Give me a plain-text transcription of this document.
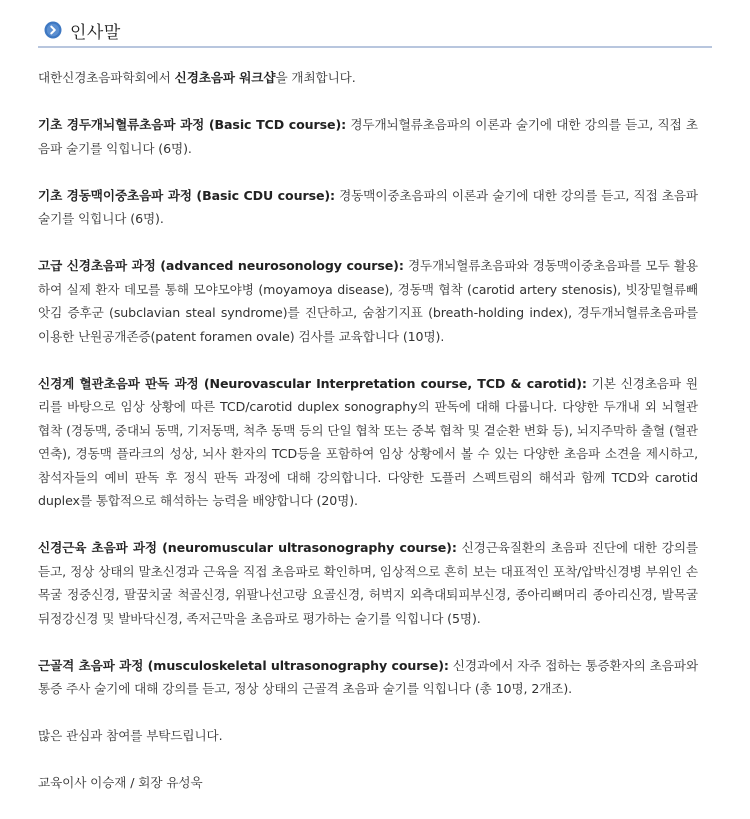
인사말

대한신경초음파학회에서 신경초음파 워크샵을 개최합니다.

기초 경두개뇌혈류초음파 과정 (Basic TCD course): 경두개뇌혈류초음파의 이론과 술기에 대한 강의를 듣고, 직접 초음파 술기를 익힙니다 (6명).

기초 경동맥이중초음파 과정 (Basic CDU course): 경동맥이중초음파의 이론과 술기에 대한 강의를 듣고, 직접 초음파 술기를 익힙니다 (6명).

고급 신경초음파 과정 (advanced neurosonology course): 경두개뇌혈류초음파와 경동맥이중초음파를 모두 활용하여 실제 환자 데모를 통해 모야모야병 (moyamoya disease), 경동맥 협착 (carotid artery stenosis), 빗장밑혈류빼앗김 증후군 (subclavian steal syndrome)를 진단하고, 숨참기지표 (breath-holding index), 경두개뇌혈류초음파를 이용한 난원공개존증(patent foramen ovale) 검사를 교육합니다 (10명).

신경계 혈관초음파 판독 과정 (Neurovascular Interpretation course, TCD & carotid): 기본 신경초음파 원리를 바탕으로 임상 상황에 따른 TCD/carotid duplex sonography의 판독에 대해 다룹니다. 다양한 두개내 외 뇌혈관 협착 (경동맥, 중대뇌 동맥, 기저동맥, 척추 동맥 등의 단일 협착 또는 중복 협착 및 곁순환 변화 등), 뇌지주막하 출혈 (혈관 연축), 경동맥 플라크의 성상, 뇌사 환자의 TCD등을 포함하여 임상 상황에서 볼 수 있는 다양한 초음파 소견을 제시하고, 참석자들의 예비 판독 후 정식 판독 과정에 대해 강의합니다. 다양한 도플러 스펙트럼의 해석과 함께 TCD와 carotid duplex를 통합적으로 해석하는 능력을 배양합니다 (20명).

신경근육 초음파 과정 (neuromuscular ultrasonography course): 신경근육질환의 초음파 진단에 대한 강의를 듣고, 정상 상태의 말초신경과 근육을 직접 초음파로 확인하며, 임상적으로 흔히 보는 대표적인 포착/압박신경병 부위인 손목굴 정중신경, 팔꿈치굴 척골신경, 위팔나선고랑 요골신경, 허벅지 외측대퇴피부신경, 종아리뼈머리 종아리신경, 발목굴 뒤정강신경 및 발바닥신경, 족저근막을 초음파로 평가하는 술기를 익힙니다 (5명).

근골격 초음파 과정 (musculoskeletal ultrasonography course): 신경과에서 자주 접하는 통증환자의 초음파와 통증 주사 술기에 대해 강의를 듣고, 정상 상태의 근골격 초음파 술기를 익힙니다 (총 10명, 2개조).

많은 관심과 참여를 부탁드립니다.

교육이사 이승재 / 회장 유성욱
